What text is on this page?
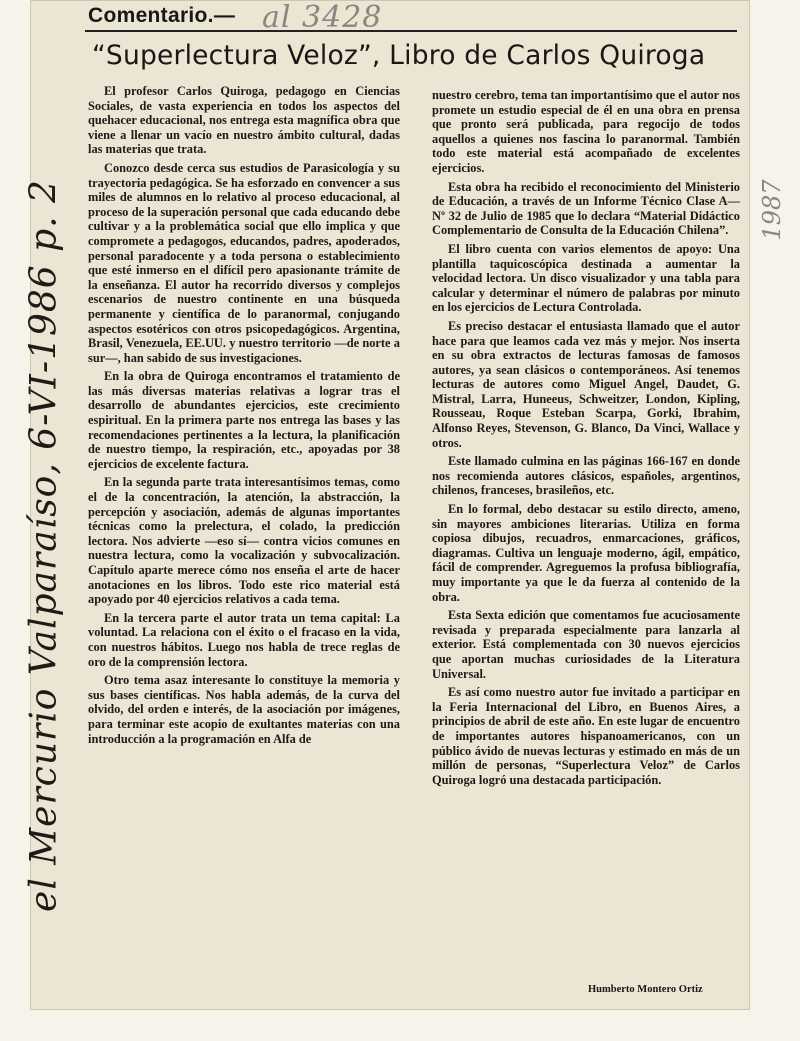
Comentario.— al 3428
el Mercurio Valparaíso, 6-VI-1986 p. 2	1987
“Superlectura Veloz”, Libro de Carlos Quiroga

El profesor Carlos Quiroga, pedagogo en Ciencias Sociales, de vasta experiencia en todos los aspectos del quehacer educacional, nos entrega esta magnífica obra que viene a llenar un vacío en nuestro ámbito cultural, dadas las materias que trata.

Conozco desde cerca sus estudios de Parasicología y su trayectoria pedagógica. Se ha esforzado en convencer a sus miles de alumnos en lo relativo al proceso educacional, al proceso de la superación personal que cada educando debe cultivar y a la problemática social que ello implica y que compromete a pedagogos, educandos, padres, apoderados, personal paradocente y a toda persona o establecimiento que esté inmerso en el difícil pero apasionante trámite de la enseñanza. El autor ha recorrido diversos y complejos escenarios de nuestro continente en una búsqueda permanente y científica de lo paranormal, conjugando aspectos esotéricos con otros psicopedagógicos. Argentina, Brasil, Venezuela, EE.UU. y nuestro territorio —de norte a sur—, han sabido de sus investigaciones.

En la obra de Quiroga encontramos el tratamiento de las más diversas materias relativas a lograr tras el desarrollo de abundantes ejercicios, este crecimiento espiritual. En la primera parte nos entrega las bases y las recomendaciones pertinentes a la lectura, la planificación de nuestro tiempo, la respiración, etc., apoyadas por 38 ejercicios de excelente factura.

En la segunda parte trata interesantísimos temas, como el de la concentración, la atención, la abstracción, la percepción y asociación, además de algunas importantes técnicas como la prelectura, el colado, la predicción lectora. Nos advierte —eso sí— contra vicios comunes en nuestra lectura, como la vocalización y subvocalización. Capítulo aparte merece cómo nos enseña el arte de hacer anotaciones en los libros. Todo este rico material está apoyado por 40 ejercicios relativos a cada tema.

En la tercera parte el autor trata un tema capital: La voluntad. La relaciona con el éxito o el fracaso en la vida, con nuestros hábitos. Luego nos habla de trece reglas de oro de la comprensión lectora.

Otro tema asaz interesante lo constituye la memoria y sus bases científicas. Nos habla además, de la curva del olvido, del orden e interés, de la asociación por imágenes, para terminar este acopio de exultantes materias con una introducción a la programación en Alfa de

nuestro cerebro, tema tan importantísimo que el autor nos promete un estudio especial de él en una obra en prensa que pronto será publicada, para regocijo de todos aquellos a quienes nos fascina lo paranormal. También todo este material está acompañado de excelentes ejercicios.

Esta obra ha recibido el reconocimiento del Ministerio de Educación, a través de un Informe Técnico Clase A—Nº 32 de Julio de 1985 que lo declara “Material Didáctico Complementario de Consulta de la Educación Chilena”.

El libro cuenta con varios elementos de apoyo: Una plantilla taquicoscópica destinada a aumentar la velocidad lectora. Un disco visualizador y una tabla para calcular y determinar el número de palabras por minuto en los ejercicios de Lectura Controlada.

Es preciso destacar el entusiasta llamado que el autor hace para que leamos cada vez más y mejor. Nos inserta en su obra extractos de lecturas famosas de famosos autores, ya sean clásicos o contemporáneos. Así tenemos lecturas de autores como Miguel Angel, Daudet, G. Mistral, Larra, Huneeus, Schweitzer, London, Kipling, Rousseau, Roque Esteban Scarpa, Gorki, Ibrahim, Alfonso Reyes, Stevenson, G. Blanco, Da Vinci, Wallace y otros.

Este llamado culmina en las páginas 166-167 en donde nos recomienda autores clásicos, españoles, argentinos, chilenos, franceses, brasileños, etc.

En lo formal, debo destacar su estilo directo, ameno, sin mayores ambiciones literarias. Utiliza en forma copiosa dibujos, recuadros, enmarcaciones, gráficos, diagramas. Cultiva un lenguaje moderno, ágil, empático, fácil de comprender. Agreguemos la profusa bibliografía, muy importante ya que le da fuerza al contenido de la obra.

Esta Sexta edición que comentamos fue acuciosamente revisada y preparada especialmente para lanzarla al exterior. Está complementada con 30 nuevos ejercicios que aportan muchas curiosidades de la Literatura Universal.

Es así como nuestro autor fue invitado a participar en la Feria Internacional del Libro, en Buenos Aires, a principios de abril de este año. En este lugar de encuentro de importantes autores hispanoamericanos, con un público ávido de nuevas lecturas y estimado en más de un millón de personas, “Superlectura Veloz” de Carlos Quiroga logró una destacada participación.

Humberto Montero Ortiz
